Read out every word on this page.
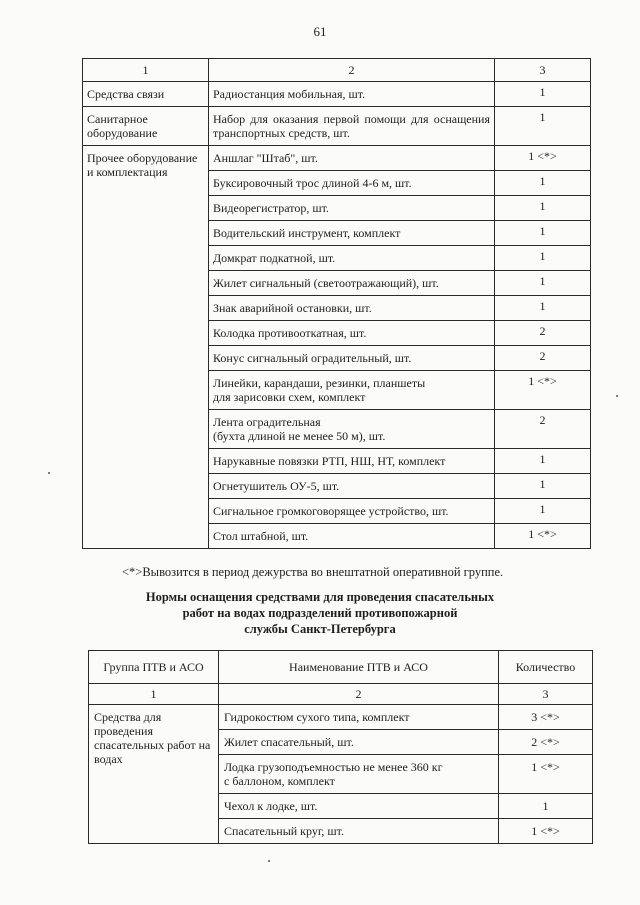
61
1	2	3
Средства связи	Радиостанция мобильная, шт.	1
Санитарное оборудование	Набор для оказания первой помощи для оснащения транспортных средств, шт.	1
Прочее оборудование и комплектация	Аншлаг "Штаб", шт.	1 <*>
	Буксировочный трос длиной 4-6 м, шт.	1
	Видеорегистратор, шт.	1
	Водительский инструмент, комплект	1
	Домкрат подкатной, шт.	1
	Жилет сигнальный (светоотражающий), шт.	1
	Знак аварийной остановки, шт.	1
	Колодка противооткатная, шт.	2
	Конус сигнальный оградительный, шт.	2
	Линейки, карандаши, резинки, планшеты
для зарисовки схем, комплект	1 <*>
	Лента оградительная
(бухта длиной не менее 50 м), шт.	2
	Нарукавные повязки РТП, НШ, НТ, комплект	1
	Огнетушитель ОУ-5, шт.	1
	Сигнальное громкоговорящее устройство, шт.	1
	Стол штабной, шт.	1 <*>
<*>Вывозится в период дежурства во внештатной оперативной группе.
Нормы оснащения средствами для проведения спасательных
работ на водах подразделений противопожарной
службы Санкт-Петербурга
Группа ПТВ и АСО	Наименование ПТВ и АСО	Количество
1	2	3
Средства для проведения спасательных работ на водах	Гидрокостюм сухого типа, комплект	3 <*>
	Жилет спасательный, шт.	2 <*>
	Лодка грузоподъемностью не менее 360 кг
с баллоном, комплект	1 <*>
	Чехол к лодке, шт.	1
	Спасательный круг, шт.	1 <*>
